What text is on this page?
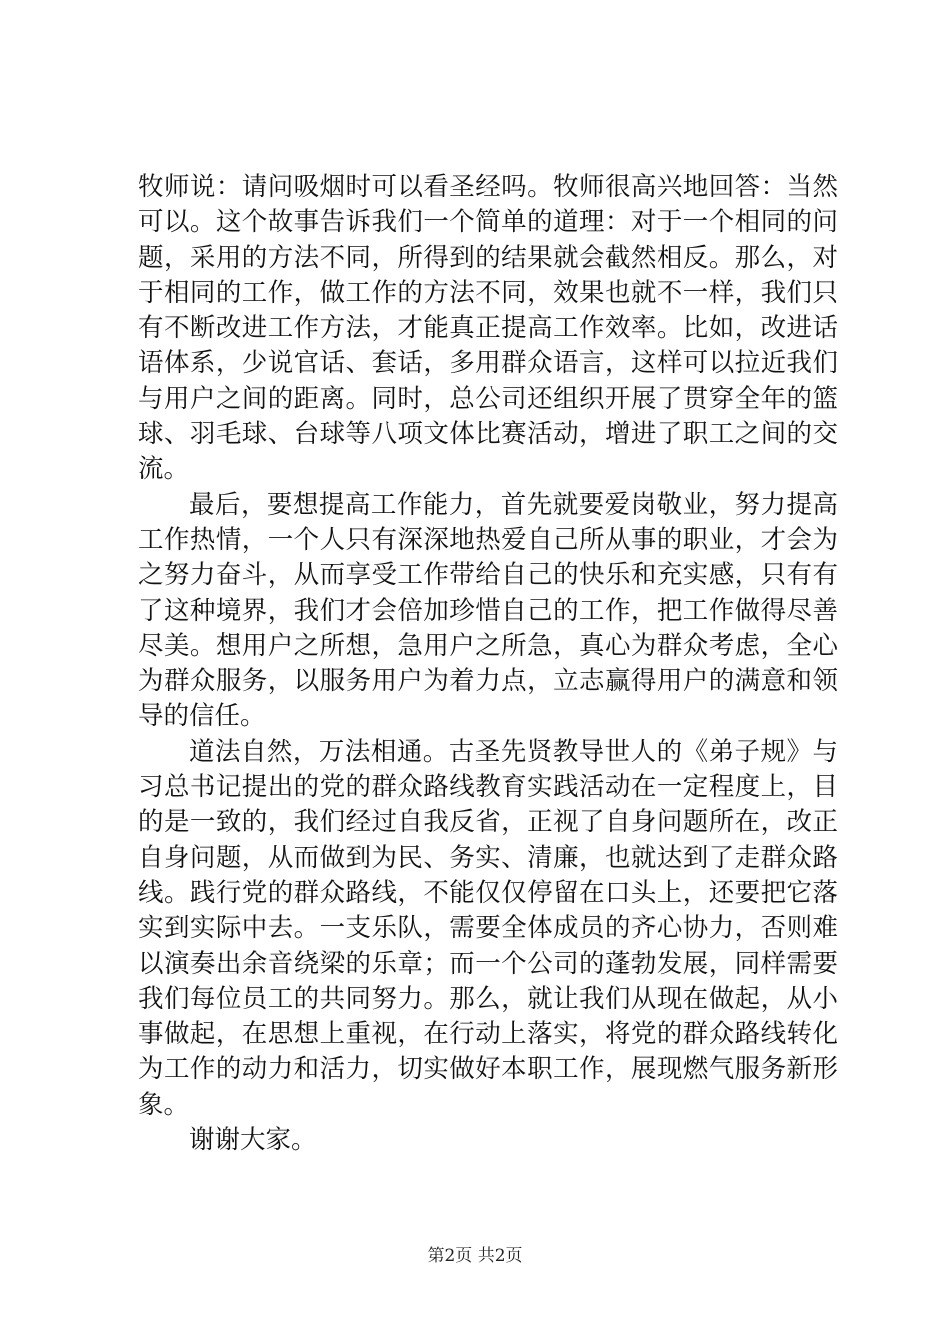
牧师说：请问吸烟时可以看圣经吗。牧师很高兴地回答：当然可以。这个故事告诉我们一个简单的道理：对于一个相同的问题，采用的方法不同，所得到的结果就会截然相反。那么，对于相同的工作，做工作的方法不同，效果也就不一样，我们只有不断改进工作方法，才能真正提高工作效率。比如，改进话语体系，少说官话、套话，多用群众语言，这样可以拉近我们与用户之间的距离。同时，总公司还组织开展了贯穿全年的篮球、羽毛球、台球等八项文体比赛活动，增进了职工之间的交流。

最后，要想提高工作能力，首先就要爱岗敬业，努力提高工作热情，一个人只有深深地热爱自己所从事的职业，才会为之努力奋斗，从而享受工作带给自己的快乐和充实感，只有有了这种境界，我们才会倍加珍惜自己的工作，把工作做得尽善尽美。想用户之所想，急用户之所急，真心为群众考虑，全心为群众服务，以服务用户为着力点，立志赢得用户的满意和领导的信任。

道法自然，万法相通。古圣先贤教导世人的《弟子规》与习总书记提出的党的群众路线教育实践活动在一定程度上，目的是一致的，我们经过自我反省，正视了自身问题所在，改正自身问题，从而做到为民、务实、清廉，也就达到了走群众路线。践行党的群众路线，不能仅仅停留在口头上，还要把它落实到实际中去。一支乐队，需要全体成员的齐心协力，否则难以演奏出余音绕梁的乐章；而一个公司的蓬勃发展，同样需要我们每位员工的共同努力。那么，就让我们从现在做起，从小事做起，在思想上重视，在行动上落实，将党的群众路线转化为工作的动力和活力，切实做好本职工作，展现燃气服务新形象。

谢谢大家。

第2页 共2页
